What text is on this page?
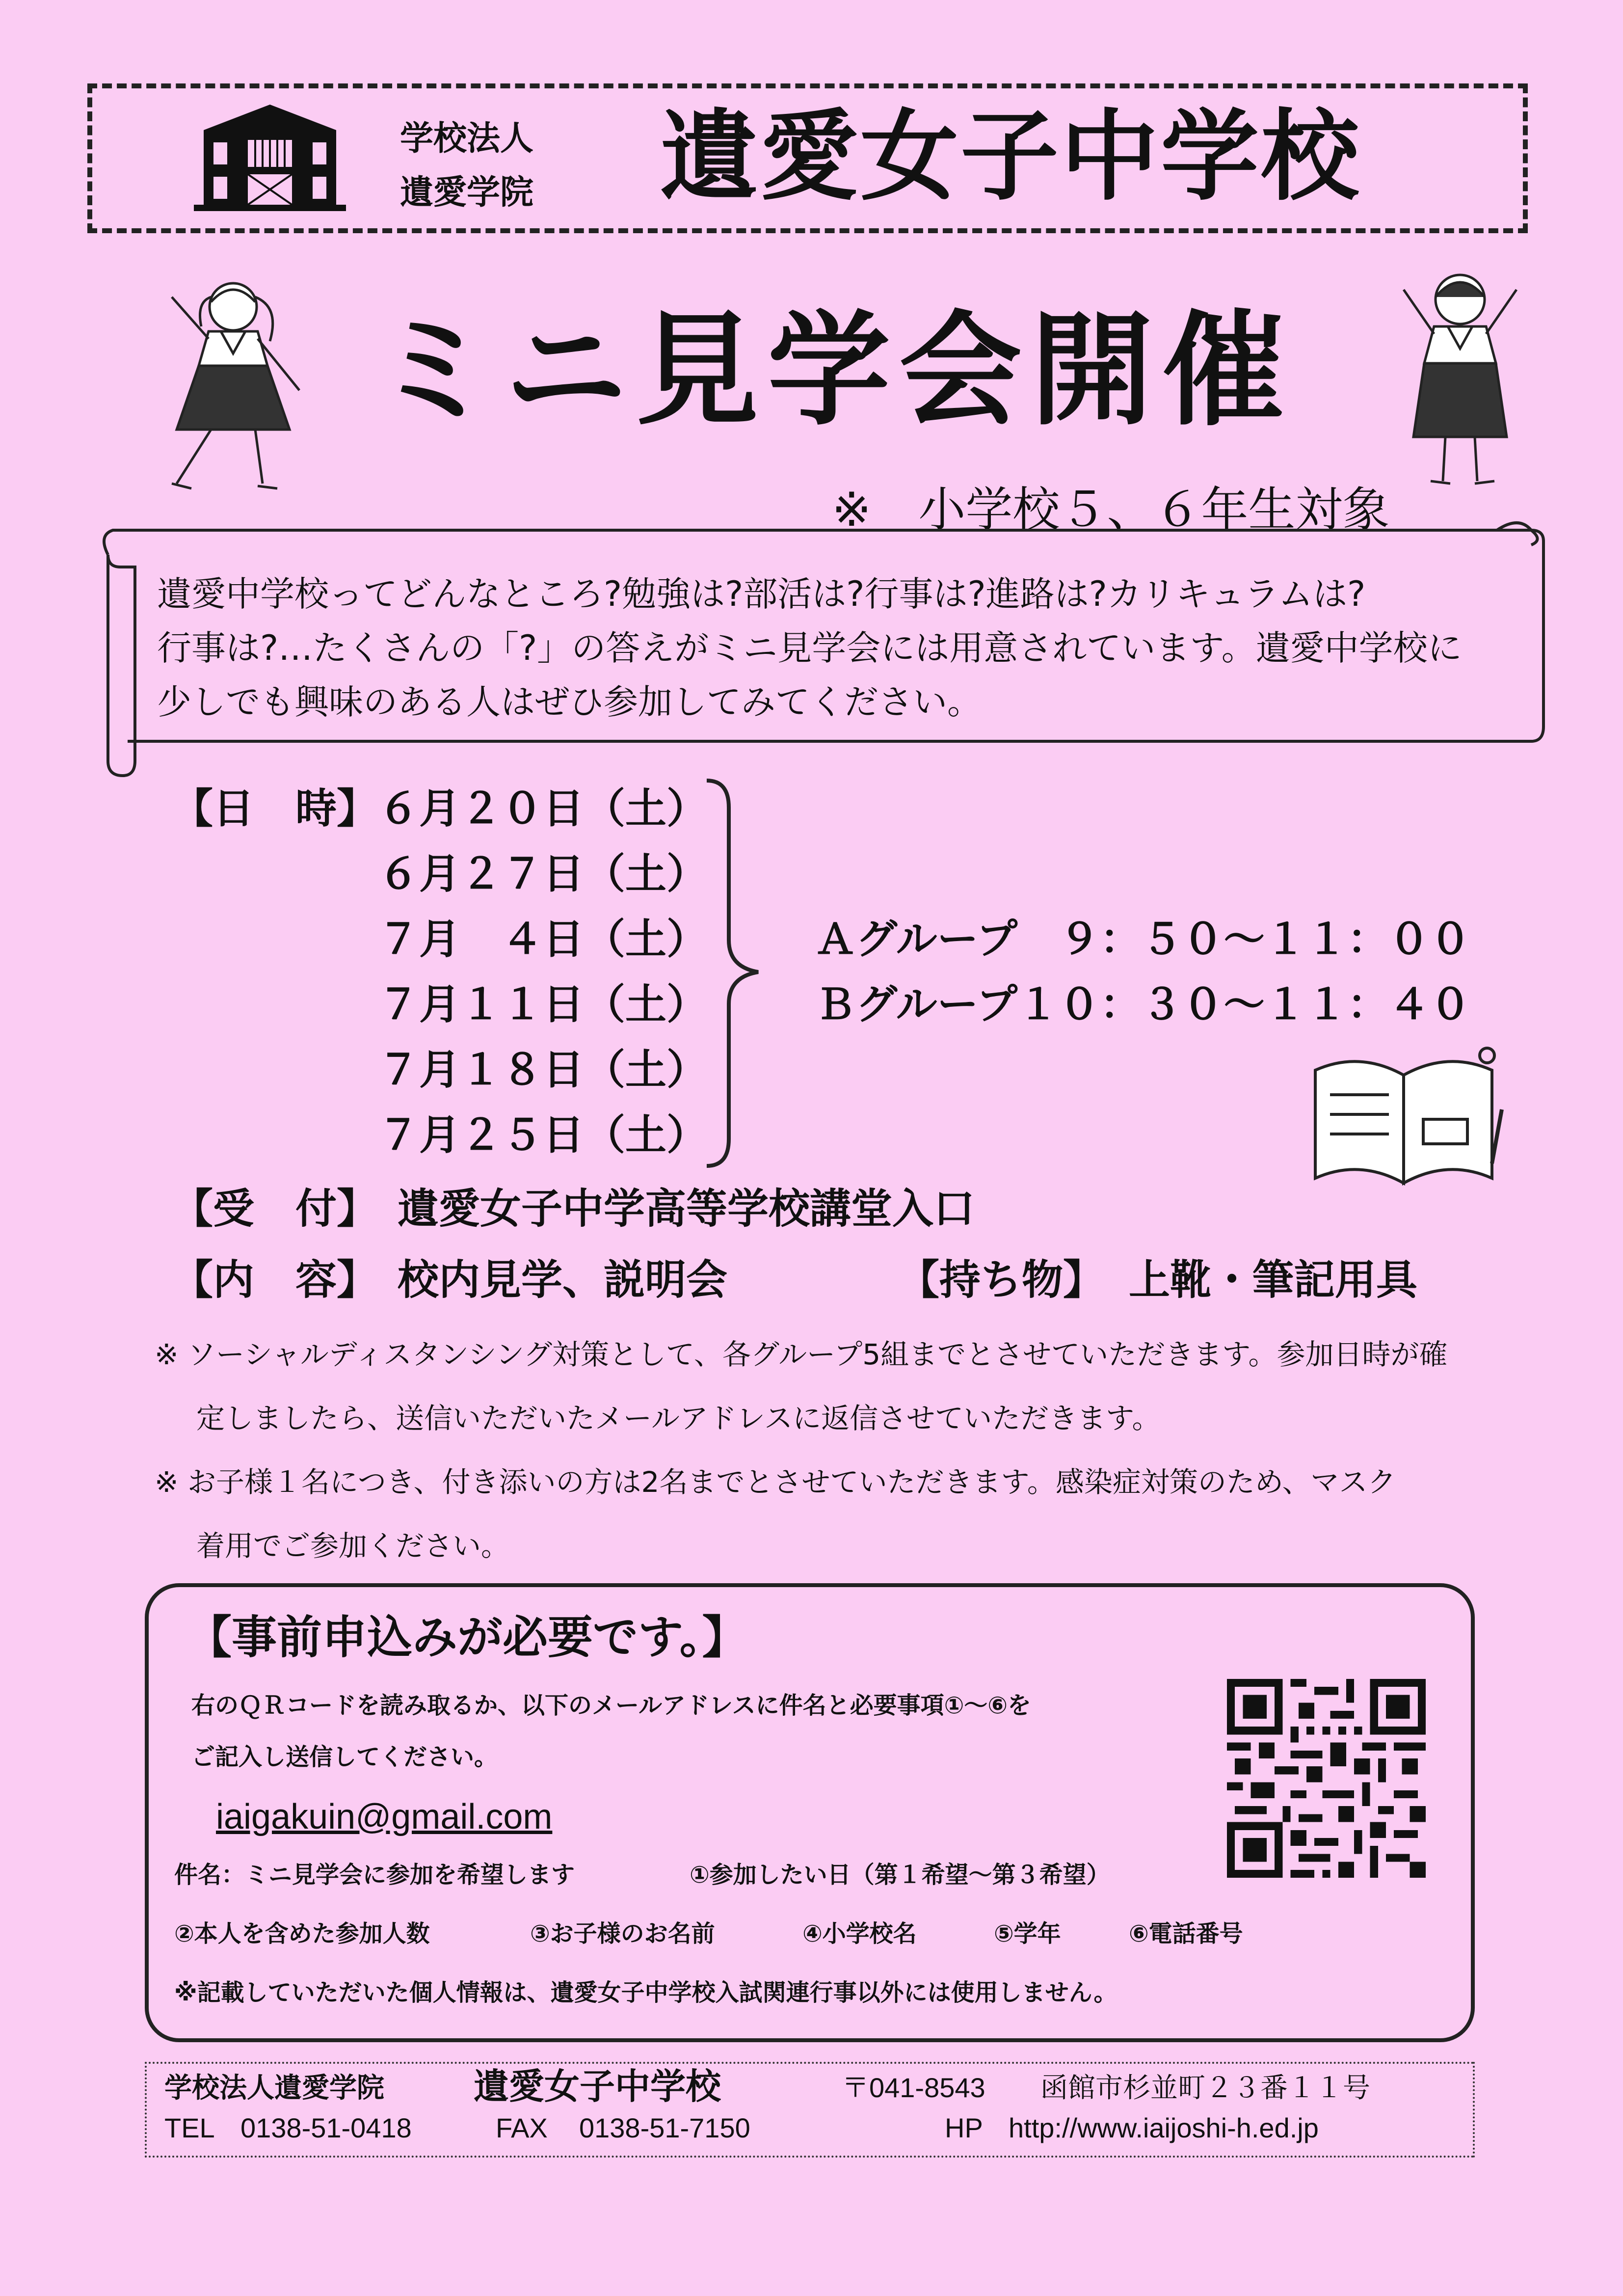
学校法人
遺愛学院 遺愛女子中学校
ミニ見学会開催
※　小学校５、６年生対象
遺愛中学校ってどんなところ?勉強は?部活は?行事は?進路は?カリキュラムは?
行事は?…たくさんの「?」の答えがミニ見学会には用意されています。遺愛中学校に
少しでも興味のある人はぜひ参加してみてください。
【日　時】 ６月２０日（土）
６月２７日（土）
７月　４日（土）
７月１１日（土）
７月１８日（土）
７月２５日（土）
Ａグループ　９：５０～１１：００
Ｂグループ１０：３０～１１：４０
【受　付】 遺愛女子中学高等学校講堂入口
【内　容】 校内見学、説明会	【持ち物】 上靴・筆記用具
※ ソーシャルディスタンシング対策として、各グループ5組までとさせていただきます。参加日時が確
定しましたら、送信いただいたメールアドレスに返信させていただきます。
※ お子様１名につき、付き添いの方は2名までとさせていただきます。感染症対策のため、マスク
着用でご参加ください。
【事前申込みが必要です。】
右のＱＲコードを読み取るか、以下のメールアドレスに件名と必要事項①～⑥を
ご記入し送信してください。
iaigakuin@gmail.com
件名：ミニ見学会に参加を希望します	①参加したい日（第１希望～第３希望）
②本人を含めた参加人数	③お子様のお名前	④小学校名	⑤学年	⑥電話番号
※記載していただいた個人情報は、遺愛女子中学校入試関連行事以外には使用しません。
学校法人遺愛学院	遺愛女子中学校	〒041-8543 函館市杉並町２３番１１号
TEL 0138-51-0418	FAX 0138-51-7150	HP http://www.iaijoshi-h.ed.jp
